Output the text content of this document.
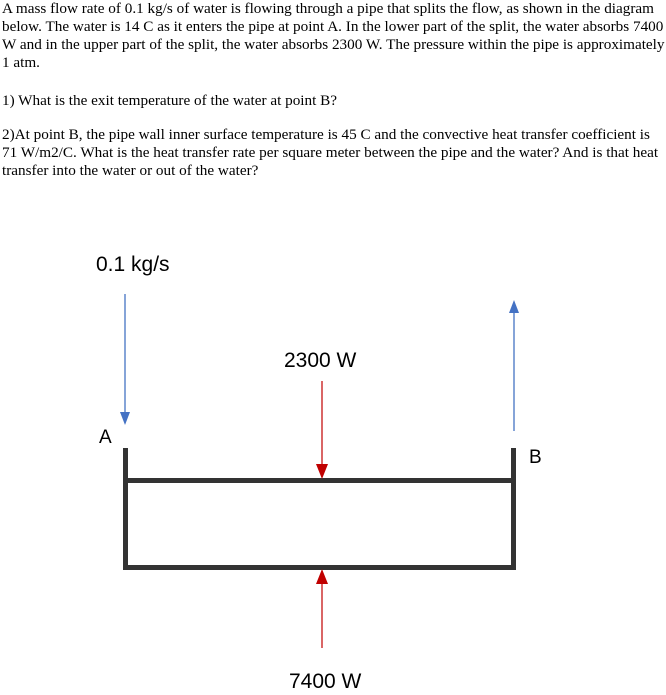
A mass flow rate of 0.1 kg/s of water is flowing through a pipe that splits the flow, as shown in the diagram below. The water is 14 C as it enters the pipe at point A. In the lower part of the split, the water absorbs 7400 W and in the upper part of the split, the water absorbs 2300 W. The pressure within the pipe is approximately 1 atm.

1) What is the exit temperature of the water at point B?

2)At point B, the pipe wall inner surface temperature is 45 C and the convective heat transfer coefficient is 71 W/m2/C. What is the heat transfer rate per square meter between the pipe and the water? And is that heat transfer into the water or out of the water?

0.1 kg/s
A
B
2300 W
7400 W
